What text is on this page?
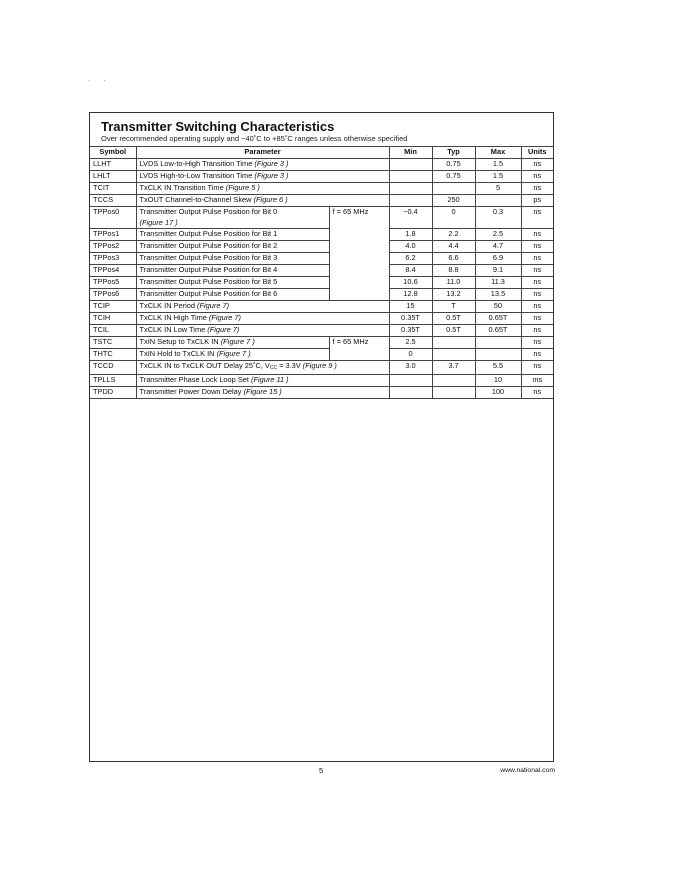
. .
Transmitter Switching Characteristics
Over recommended operating supply and −40˚C to +85˚C ranges unless otherwise specified
Symbol	Parameter		Min	Typ	Max	Units
LLHT	LVDS Low-to-High Transition Time (Figure 3 )			0.75	1.5	ns
LHLT	LVDS High-to-Low Transition Time (Figure 3 )			0.75	1.5	ns
TCIT	TxCLK IN Transition Time (Figure 5 )				5	ns
TCCS	TxOUT Channel-to-Channel Skew (Figure 6 )			250		ps
TPPos0	Transmitter Output Pulse Position for Bit 0
(Figure 17 )	f = 65 MHz	−0.4	0	0.3	ns
TPPos1	Transmitter Output Pulse Position for Bit 1		1.8	2.2	2.5	ns
TPPos2	Transmitter Output Pulse Position for Bit 2		4.0	4.4	4.7	ns
TPPos3	Transmitter Output Pulse Position for Bit 3		6.2	6.6	6.9	ns
TPPos4	Transmitter Output Pulse Position for Bit 4		8.4	8.8	9.1	ns
TPPos5	Transmitter Output Pulse Position for Bit 5		10.6	11.0	11.3	ns
TPPos6	Transmitter Output Pulse Position for Bit 6		12.8	13.2	13.5	ns
TCIP	TxCLK IN Period (Figure 7)		15	T	50	ns
TCIH	TxCLK IN High Time (Figure 7)		0.35T	0.5T	0.65T	ns
TCIL	TxCLK IN Low Time (Figure 7)		0.35T	0.5T	0.65T	ns
TSTC	TxIN Setup to TxCLK IN (Figure 7 )	f = 65 MHz	2.5			ns
THTC	TxIN Hold to TxCLK IN (Figure 7 )		0			ns
TCCD	TxCLK IN to TxCLK OUT Delay 25˚C, $V_{CC} = 3.3V$ (Figure 9 )		3.0	3.7	5.5	ns
TPLLS	Transmitter Phase Lock Loop Set (Figure 11 )				10	ms
TPDD	Transmitter Power Down Delay (Figure 15 )				100	ns
5	www.national.com
